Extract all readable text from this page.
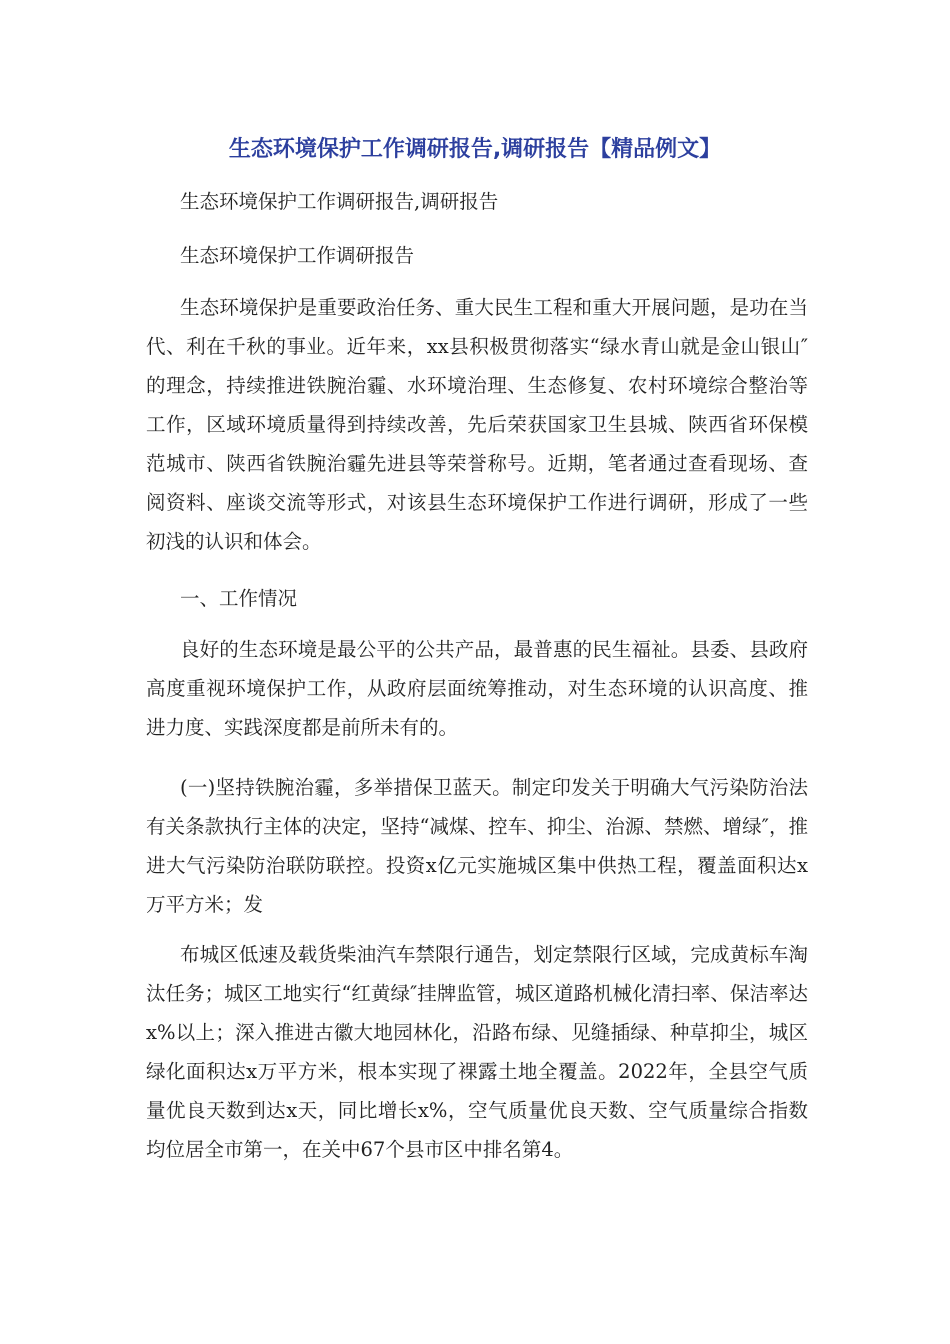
生态环境保护工作调研报告,调研报告【精品例文】

生态环境保护工作调研报告,调研报告

生态环境保护工作调研报告

生态环境保护是重要政治任务、重大民生工程和重大开展问题，是功在当代、利在千秋的事业。近年来，xx县积极贯彻落实“绿水青山就是金山银山″的理念，持续推进铁腕治霾、水环境治理、生态修复、农村环境综合整治等工作，区域环境质量得到持续改善，先后荣获国家卫生县城、陕西省环保模范城市、陕西省铁腕治霾先进县等荣誉称号。近期，笔者通过查看现场、查阅资料、座谈交流等形式，对该县生态环境保护工作进行调研，形成了一些初浅的认识和体会。

一、工作情况

良好的生态环境是最公平的公共产品，最普惠的民生福祉。县委、县政府高度重视环境保护工作，从政府层面统筹推动，对生态环境的认识高度、推进力度、实践深度都是前所未有的。

(一)坚持铁腕治霾，多举措保卫蓝天。制定印发关于明确大气污染防治法有关条款执行主体的决定，坚持“减煤、控车、抑尘、治源、禁燃、增绿″，推进大气污染防治联防联控。投资x亿元实施城区集中供热工程，覆盖面积达x万平方米；发

布城区低速及载货柴油汽车禁限行通告，划定禁限行区域，完成黄标车淘汰任务；城区工地实行“红黄绿″挂牌监管，城区道路机械化清扫率、保洁率达x%以上；深入推进古徽大地园林化，沿路布绿、见缝插绿、种草抑尘，城区绿化面积达x万平方米，根本实现了裸露土地全覆盖。2022年，全县空气质量优良天数到达x天，同比增长x%，空气质量优良天数、空气质量综合指数均位居全市第一，在关中67个县市区中排名第4。
